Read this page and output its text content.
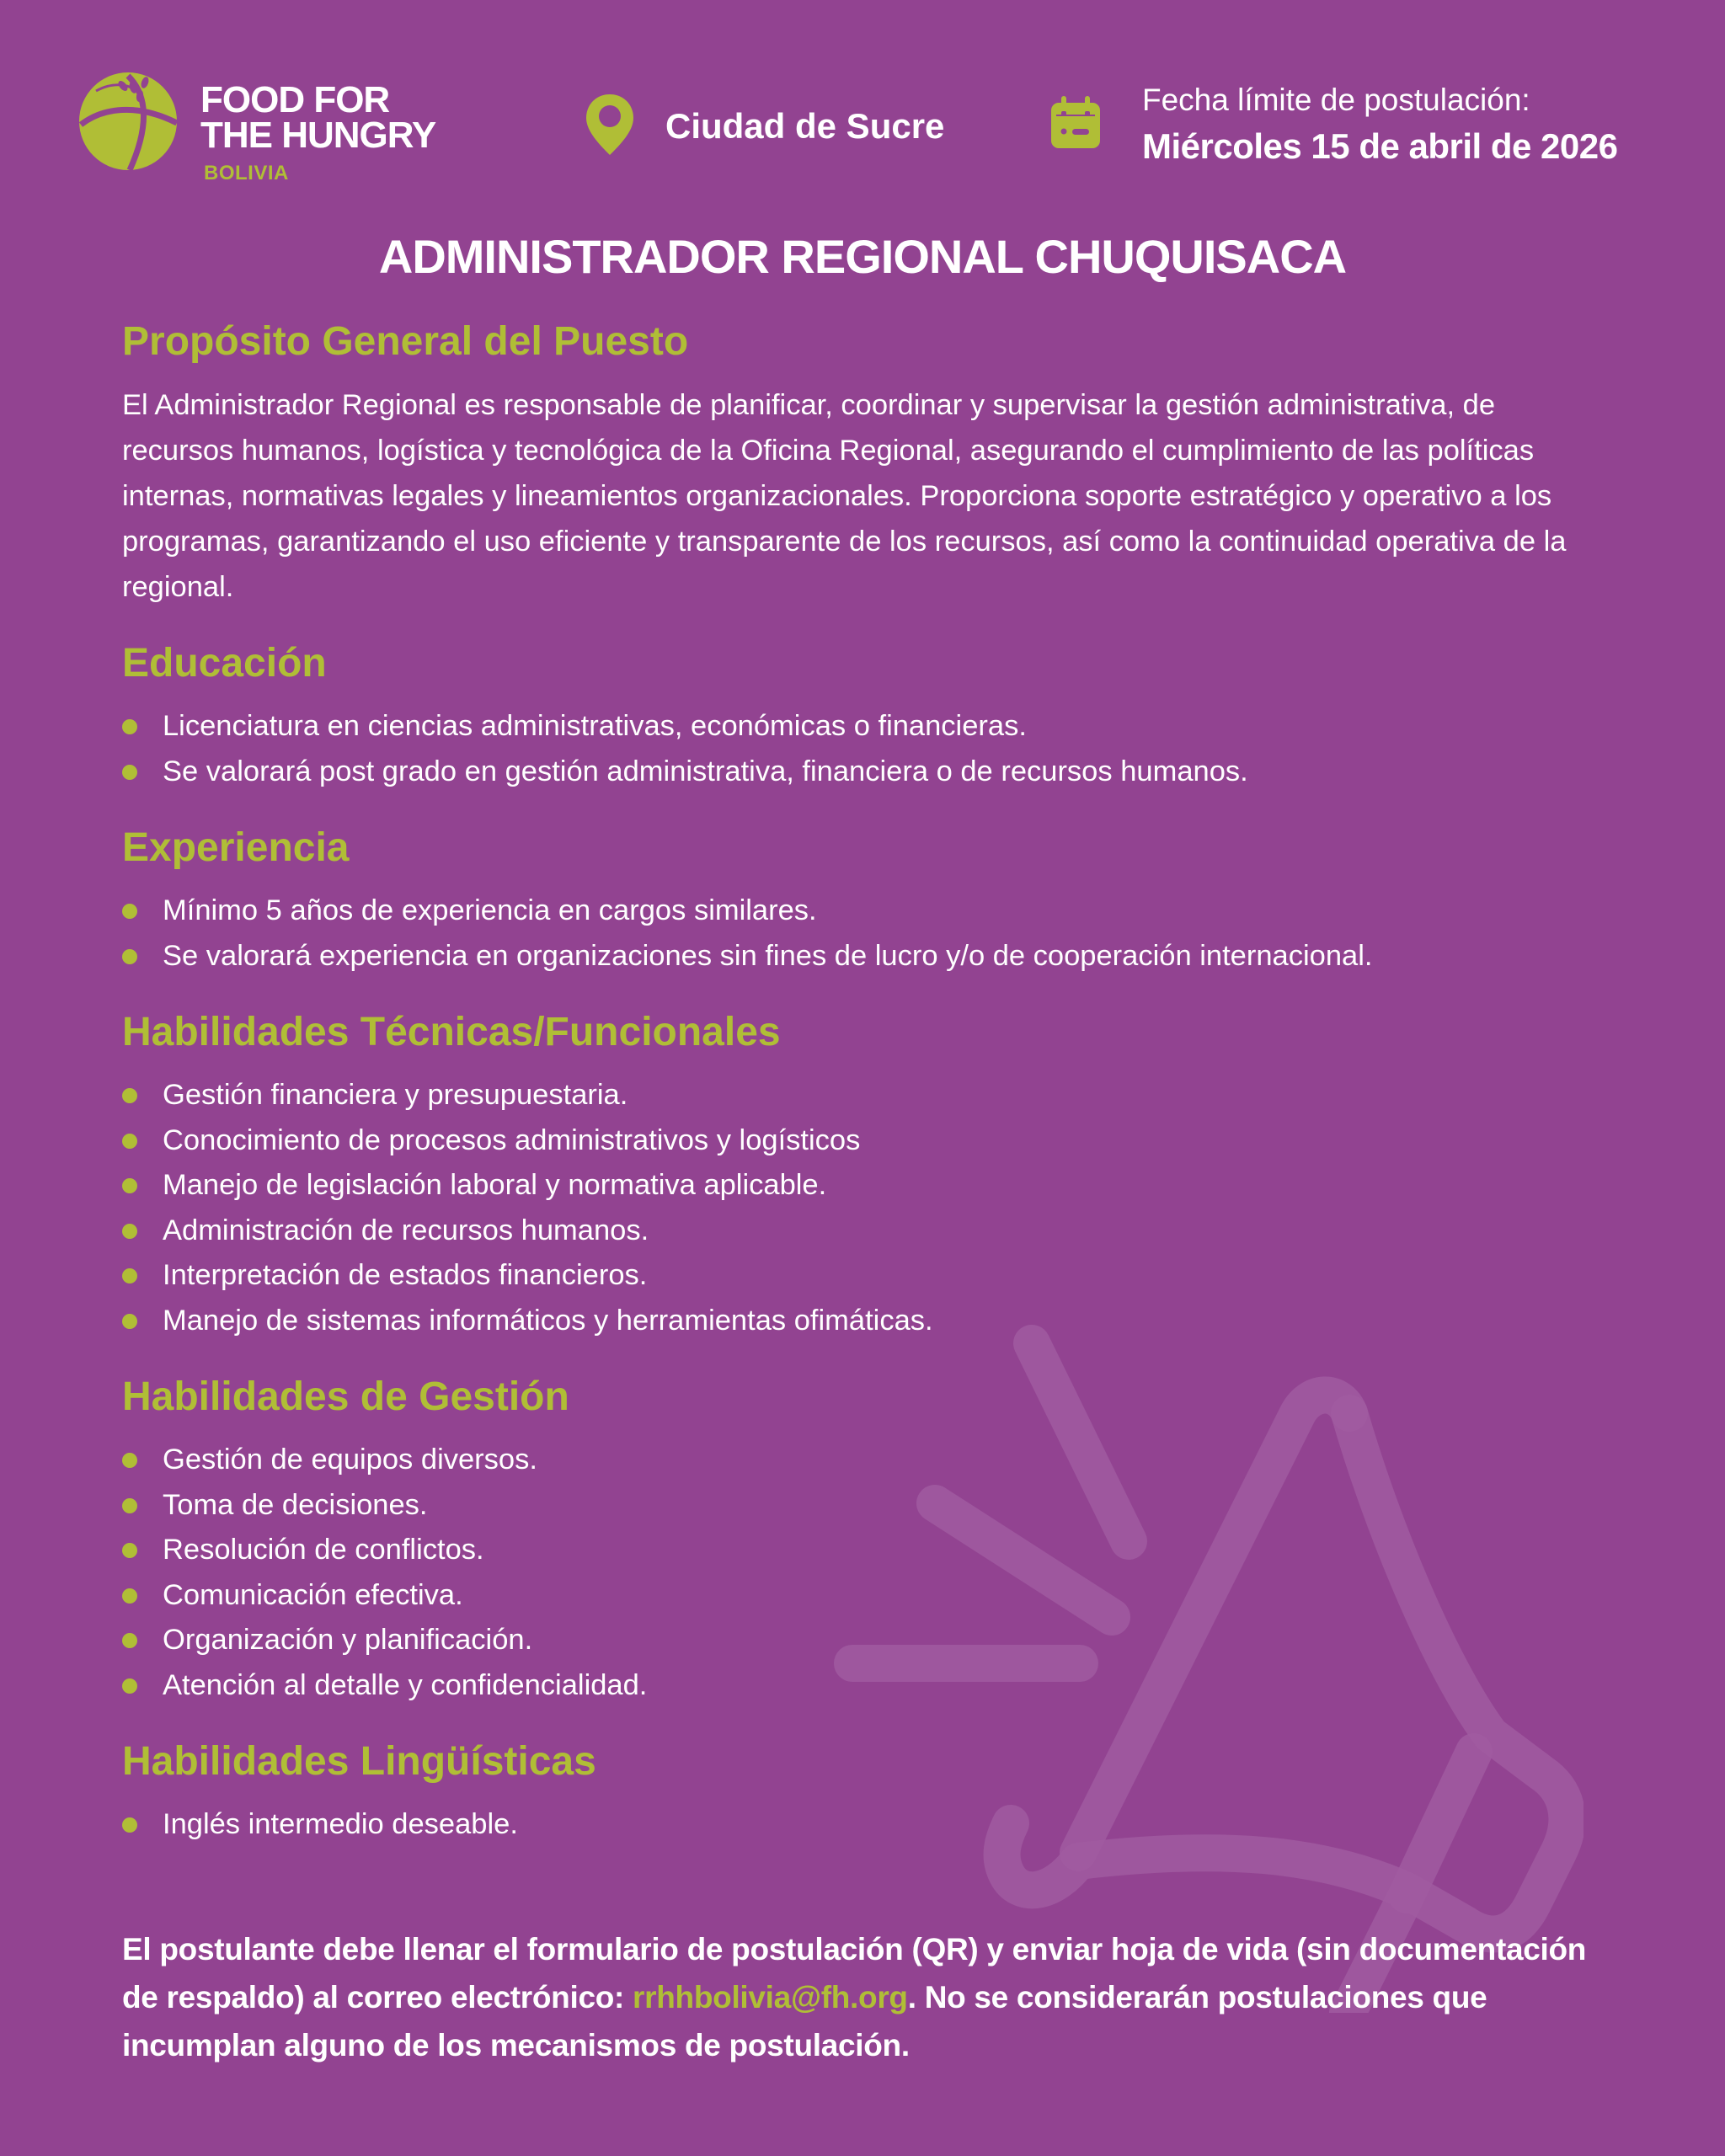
FOOD FOR
THE HUNGRY
BOLIVIA
Ciudad de Sucre
Fecha límite de postulación:
Miércoles 15 de abril de 2026
ADMINISTRADOR REGIONAL CHUQUISACA
Propósito General del Puesto

El Administrador Regional es responsable de planificar, coordinar y supervisar la gestión administrativa, de recursos humanos, logística y tecnológica de la Oficina Regional, asegurando el cumplimiento de las políticas internas, normativas legales y lineamientos organizacionales. Proporciona soporte estratégico y operativo a los programas, garantizando el uso eficiente y transparente de los recursos, así como la continuidad operativa de la regional.

Educación
Licenciatura en ciencias administrativas, económicas o financieras.
Se valorará post grado en gestión administrativa, financiera o de recursos humanos.
Experiencia
Mínimo 5 años de experiencia en cargos similares.
Se valorará experiencia en organizaciones sin fines de lucro y/o de cooperación internacional.
Habilidades Técnicas/Funcionales
Gestión financiera y presupuestaria.
Conocimiento de procesos administrativos y logísticos
Manejo de legislación laboral y normativa aplicable.
Administración de recursos humanos.
Interpretación de estados financieros.
Manejo de sistemas informáticos y herramientas ofimáticas.
Habilidades de Gestión
Gestión de equipos diversos.
Toma de decisiones.
Resolución de conflictos.
Comunicación efectiva.
Organización y planificación.
Atención al detalle y confidencialidad.
Habilidades Lingüísticas
Inglés intermedio deseable.
El postulante debe llenar el formulario de postulación (QR) y enviar hoja de vida (sin documentación de respaldo) al correo electrónico: rrhhbolivia@fh.org. No se considerarán postulaciones que incumplan alguno de los mecanismos de postulación.
